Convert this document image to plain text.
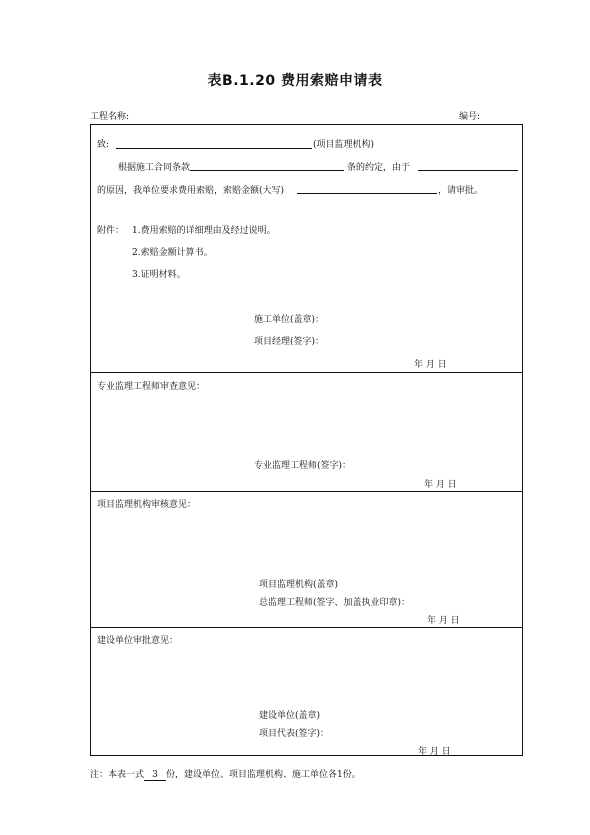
表B.1.20 费用索赔申请表
工程名称:	编号:
致:	(项目监理机构)
根据施工合同条款	条的约定，由于
的原因，我单位要求费用索赔，索赔金额(大写)	，请审批。
附件： 1.费用索赔的详细理由及经过说明。
2.索赔金额计算书。
3.证明材料。
施工单位(盖章)：
项目经理(签字)：
年 月 日
专业监理工程师审查意见：
专业监理工程师(签字)：
年 月 日
项目监理机构审核意见：
项目监理机构(盖章)
总监理工程师(签字、加盖执业印章)：
年 月 日
建设单位审批意见：
建设单位(盖章)
项目代表(签字)：
年 月 日
注：本表一式 3 份，建设单位、项目监理机构、施工单位各1份。
